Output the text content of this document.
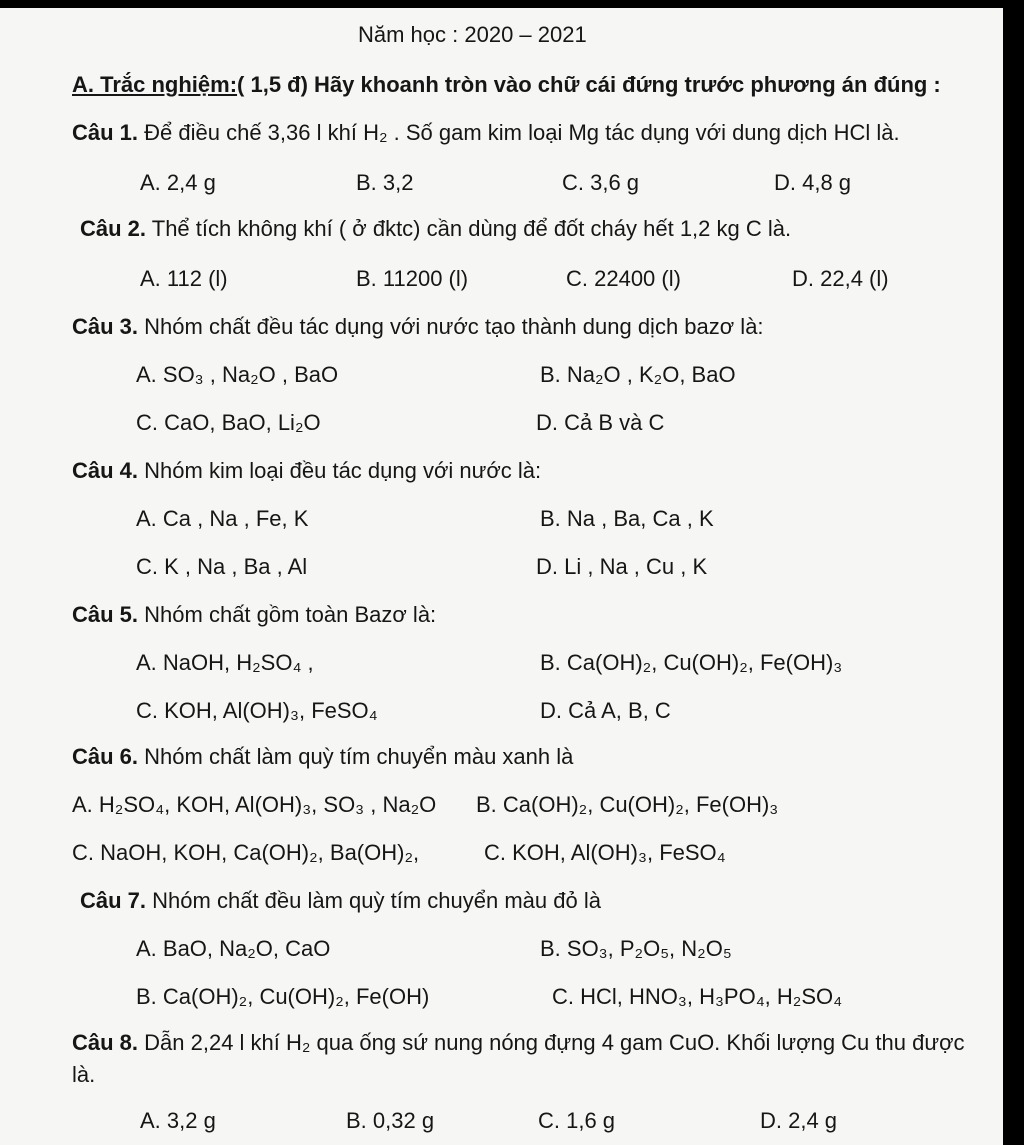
Năm học : 2020 – 2021
A. Trắc nghiệm:( 1,5 đ) Hãy khoanh tròn vào chữ cái đứng trước phương án đúng :
Câu 1. Để điều chế 3,36 l khí H₂ . Số gam kim loại Mg tác dụng với dung dịch HCl là.
A. 2,4 g	B. 3,2	C. 3,6 g	D. 4,8 g
Câu 2. Thể tích không khí ( ở đktc) cần dùng để đốt cháy hết 1,2 kg C là.
A. 112 (l)	B. 11200 (l)	C. 22400 (l)	D. 22,4 (l)
Câu 3. Nhóm chất đều tác dụng với nước tạo thành dung dịch bazơ là:
A. SO₃ , Na₂O , BaO	B. Na₂O , K₂O, BaO
C. CaO, BaO, Li₂O	D. Cả B và C
Câu 4. Nhóm kim loại đều tác dụng với nước là:
A. Ca , Na , Fe, K	B. Na , Ba, Ca , K
C. K , Na , Ba , Al	D. Li , Na , Cu , K
Câu 5. Nhóm chất gồm toàn Bazơ là:
A. NaOH, H₂SO₄ ,	B. Ca(OH)₂, Cu(OH)₂, Fe(OH)₃
C. KOH, Al(OH)₃, FeSO₄	D. Cả A, B, C
Câu 6. Nhóm chất làm quỳ tím chuyển màu xanh là
A. H₂SO₄, KOH, Al(OH)₃, SO₃ , Na₂O B. Ca(OH)₂, Cu(OH)₂, Fe(OH)₃
C. NaOH, KOH, Ca(OH)₂, Ba(OH)₂,	C. KOH, Al(OH)₃, FeSO₄
Câu 7. Nhóm chất đều làm quỳ tím chuyển màu đỏ là
A. BaO, Na₂O, CaO	B. SO₃, P₂O₅, N₂O₅
B. Ca(OH)₂, Cu(OH)₂, Fe(OH)	C. HCl, HNO₃, H₃PO₄, H₂SO₄
Câu 8. Dẫn 2,24 l khí H₂ qua ống sứ nung nóng đựng 4 gam CuO. Khối lượng Cu thu được
là.
A. 3,2 g	B. 0,32 g	C. 1,6 g	D. 2,4 g
